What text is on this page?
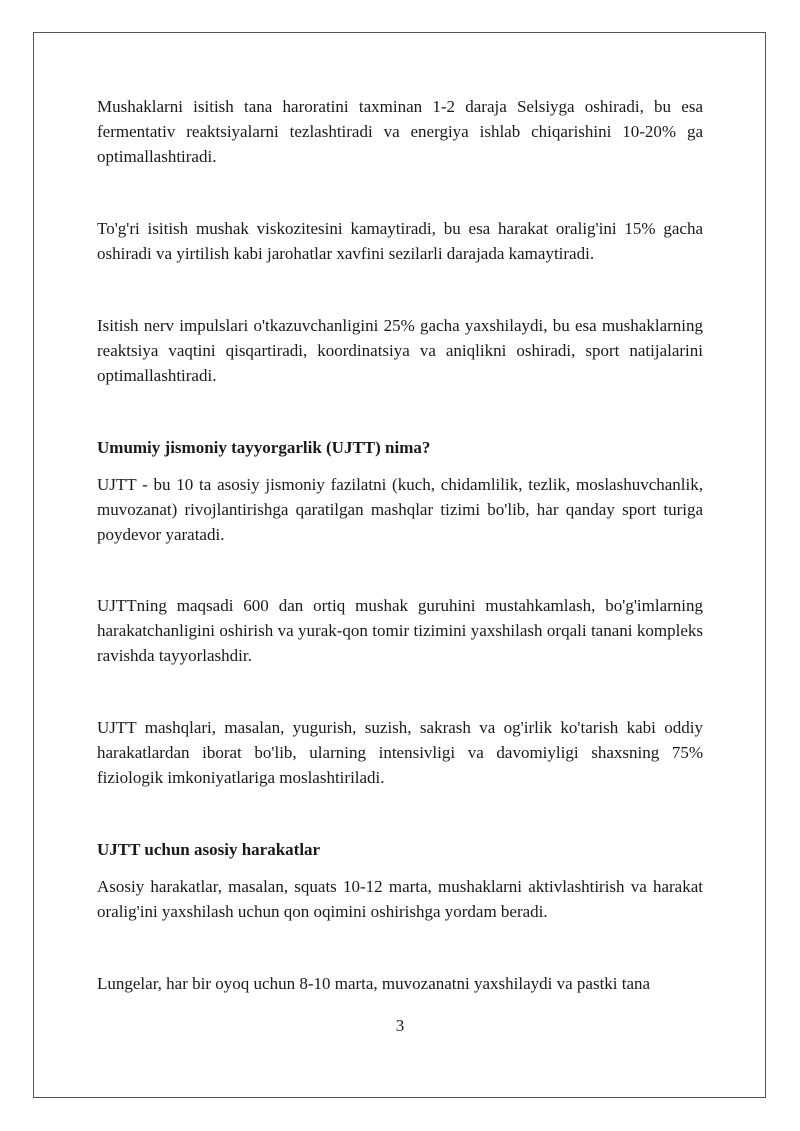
Mushaklarni isitish tana haroratini taxminan 1-2 daraja Selsiyga oshiradi, bu esa fermentativ reaktsiyalarni tezlashtiradi va energiya ishlab chiqarishini 10-20% ga optimallashtiradi.

To'g'ri isitish mushak viskozitesini kamaytiradi, bu esa harakat oralig'ini 15% gacha oshiradi va yirtilish kabi jarohatlar xavfini sezilarli darajada kamaytiradi.

Isitish nerv impulslari o'tkazuvchanligini 25% gacha yaxshilaydi, bu esa mushaklarning reaktsiya vaqtini qisqartiradi, koordinatsiya va aniqlikni oshiradi, sport natijalarini optimallashtiradi.

Umumiy jismoniy tayyorgarlik (UJTT) nima?

UJTT - bu 10 ta asosiy jismoniy fazilatni (kuch, chidamlilik, tezlik, moslashuvchanlik, muvozanat) rivojlantirishga qaratilgan mashqlar tizimi bo'lib, har qanday sport turiga poydevor yaratadi.

UJTTning maqsadi 600 dan ortiq mushak guruhini mustahkamlash, bo'g'imlarning harakatchanligini oshirish va yurak-qon tomir tizimini yaxshilash orqali tanani kompleks ravishda tayyorlashdir.

UJTT mashqlari, masalan, yugurish, suzish, sakrash va og'irlik ko'tarish kabi oddiy harakatlardan iborat bo'lib, ularning intensivligi va davomiyligi shaxsning 75% fiziologik imkoniyatlariga moslashtiriladi.

UJTT uchun asosiy harakatlar

Asosiy harakatlar, masalan, squats 10-12 marta, mushaklarni aktivlashtirish va harakat oralig'ini yaxshilash uchun qon oqimini oshirishga yordam beradi.

Lungelar, har bir oyoq uchun 8-10 marta, muvozanatni yaxshilaydi va pastki tana

3
